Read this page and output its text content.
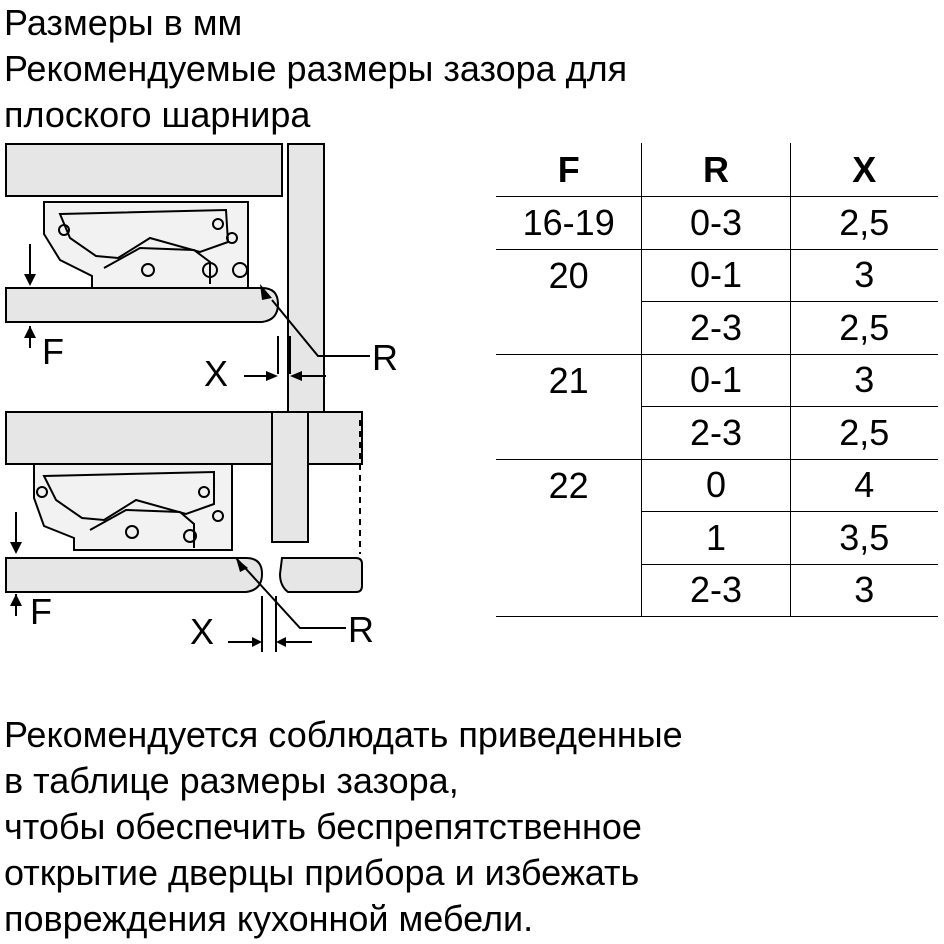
Размеры в мм
Рекомендуемые размеры зазора для
плоского шарнира
F
X	R
F	X	R
F	R	X
16-19	0-3	2,5
20	0-1	3
	2-3	2,5
21	0-1	3
	2-3	2,5
22	0	4
	1	3,5
	2-3	3
Рекомендуется соблюдать приведенные
в таблице размеры зазора,
чтобы обеспечить беспрепятственное
открытие дверцы прибора и избежать
повреждения кухонной мебели.
